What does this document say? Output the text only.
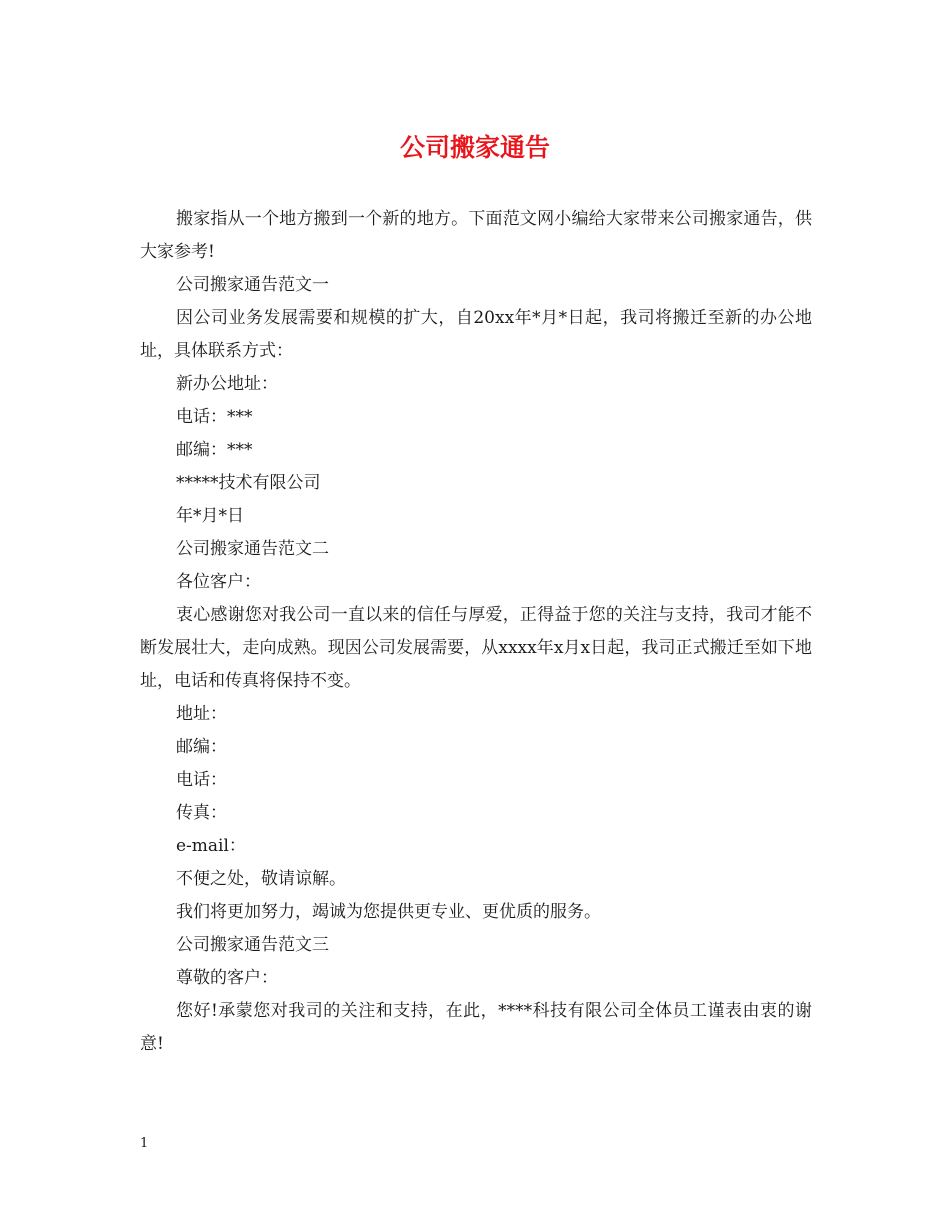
公司搬家通告

搬家指从一个地方搬到一个新的地方。下面范文网小编给大家带来公司搬家通告，供大家参考!

公司搬家通告范文一

因公司业务发展需要和规模的扩大，自20xx年*月*日起，我司将搬迁至新的办公地址，具体联系方式：

新办公地址：

电话：***

邮编：***

*****技术有限公司

年*月*日

公司搬家通告范文二

各位客户：

衷心感谢您对我公司一直以来的信任与厚爱，正得益于您的关注与支持，我司才能不断发展壮大，走向成熟。现因公司发展需要，从xxxx年x月x日起，我司正式搬迁至如下地址，电话和传真将保持不变。

地址：

邮编：

电话：

传真：

e-mail：

不便之处，敬请谅解。

我们将更加努力，竭诚为您提供更专业、更优质的服务。

公司搬家通告范文三

尊敬的客户：

您好!承蒙您对我司的关注和支持，在此，****科技有限公司全体员工谨表由衷的谢意!

1
